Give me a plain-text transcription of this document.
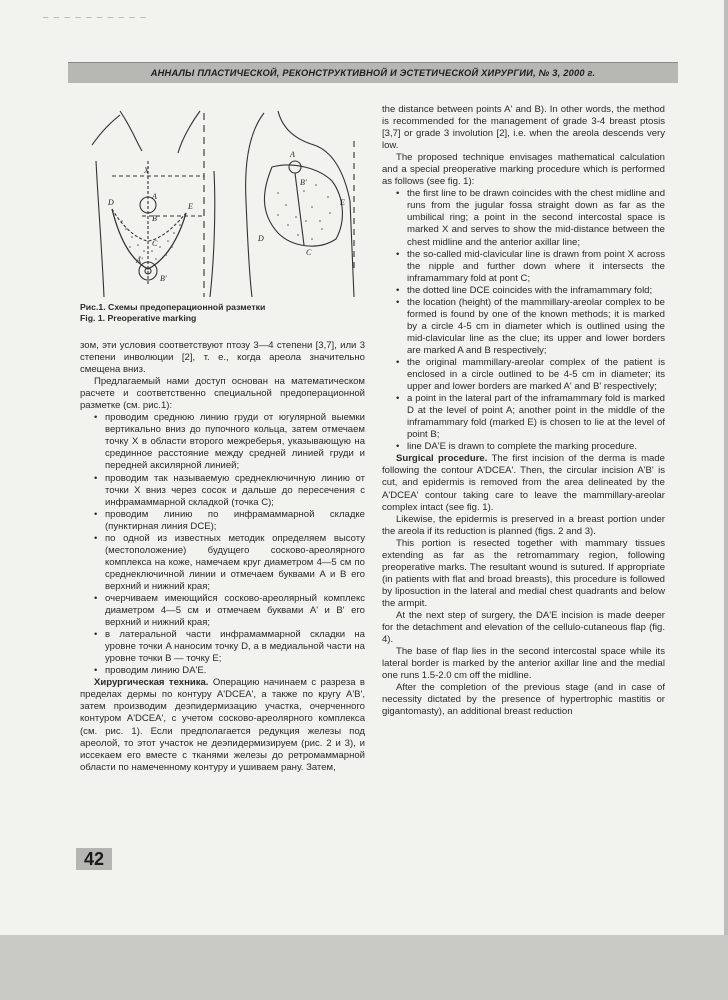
_ _ _ _ _ _ _ _ _ _
АННАЛЫ ПЛАСТИЧЕСКОЙ, РЕКОНСТРУКТИВНОЙ И ЭСТЕТИЧЕСКОЙ ХИРУРГИИ, № 3, 2000 г.
X
A
B
C
D	E
A'
B'
A
B'
C
D
E
Рис.1. Схемы предоперационной разметки
Fig. 1. Preoperative marking

зом, эти условия соответствуют птозу 3—4 степени [3,7], или 3 степени инволюции [2], т. е., когда ареола значительно смещена вниз.

Предлагаемый нами доступ основан на математическом расчете и соответственно специальной предоперационной разметке (см. рис.1):

• проводим среднюю линию груди от югулярной выемки вертикально вниз до пупочного кольца, затем отмечаем точку X в области второго межреберья, указывающую на срединное расстояние между средней линией груди и передней аксилярной линией;
• проводим так называемую среднеключичную линию от точки X вниз через сосок и дальше до пересечения с инфрамаммарной складкой (точка C);
• проводим линию по инфрамаммарной складке (пунктирная линия DCE);
• по одной из известных методик определяем высоту (местоположение) будущего сосково-ареолярного комплекса на коже, намечаем круг диаметром 4—5 см по среднеключичной линии и отмечаем буквами A и B его верхний и нижний края;
• очерчиваем имеющийся сосково-ареолярный комплекс диаметром 4—5 см и отмечаем буквами A' и B' его верхний и нижний края;
• в латеральной части инфрамаммарной складки на уровне точки A наносим точку D, а в медиальной части на уровне точки B — точку E;
• проводим линию DA'E.

Хирургическая техника. Операцию начинаем с разреза в пределах дермы по контуру A'DCEA', а также по кругу A'B', затем производим деэпидермизацию участка, очерченного контуром A'DCEA', с учетом сосково-ареолярного комплекса (см. рис. 1). Если предполагается редукция железы под ареолой, то этот участок не деэпидермизируем (рис. 2 и 3), и иссекаем его вместе с тканями железы до ретромаммарной области по намеченному контуру и ушиваем рану. Затем,

the distance between points A' and B). In other words, the method is recommended for the management of grade 3-4 breast ptosis [3,7] or grade 3 involution [2], i.e. when the areola descends very low.

The proposed technique envisages mathematical calculation and a special preoperative marking procedure which is performed as follows (see fig. 1):

• the first line to be drawn coincides with the chest midline and runs from the jugular fossa straight down as far as the umbilical ring; a point in the second intercostal space is marked X and serves to show the mid-distance between the chest midline and the anterior axillar line;
• the so-called mid-clavicular line is drawn from point X across the nipple and further down where it intersects the inframammary fold at pont C;
• the dotted line DCE coincides with the inframammary fold;
• the location (height) of the mammillary-areolar complex to be formed is found by one of the known methods; it is marked by a circle 4-5 cm in diameter which is outlined using the mid-clavicular line as the clue; its upper and lower borders are marked A and B respectively;
• the original mammillary-areolar complex of the patient is enclosed in a circle outlined to be 4-5 cm in diameter; its upper and lower borders are marked A' and B' respectively;
• a point in the lateral part of the inframammary fold is marked D at the level of point A; another point in the middle of the inframammary fold (marked E) is chosen to lie at the level of point B;
• line DA'E is drawn to complete the marking procedure.

Surgical procedure. The first incision of the derma is made following the contour A'DCEA'. Then, the circular incision A'B' is cut, and epidermis is removed from the area delineated by the A'DCEA' contour taking care to leave the mammillary-areolar complex intact (see fig. 1).

Likewise, the epidermis is preserved in a breast portion under the areola if its reduction is planned (figs. 2 and 3).

This portion is resected together with mammary tissues extending as far as the retromammary region, following preoperative marks. The resultant wound is sutured. If appropriate (in patients with flat and broad breasts), this procedure is followed by liposuction in the lateral and medial chest quadrants and below the armpit.

At the next step of surgery, the DA'E incision is made deeper for the detachment and elevation of the cellulo-cutaneous flap (fig. 4).

The base of flap lies in the second intercostal space while its lateral border is marked by the anterior axillar line and the medial one runs 1.5-2.0 cm off the midline.

After the completion of the previous stage (and in case of necessity dictated by the presence of hypertrophic mastitis or gigantomasty), an additional breast reduction

42
